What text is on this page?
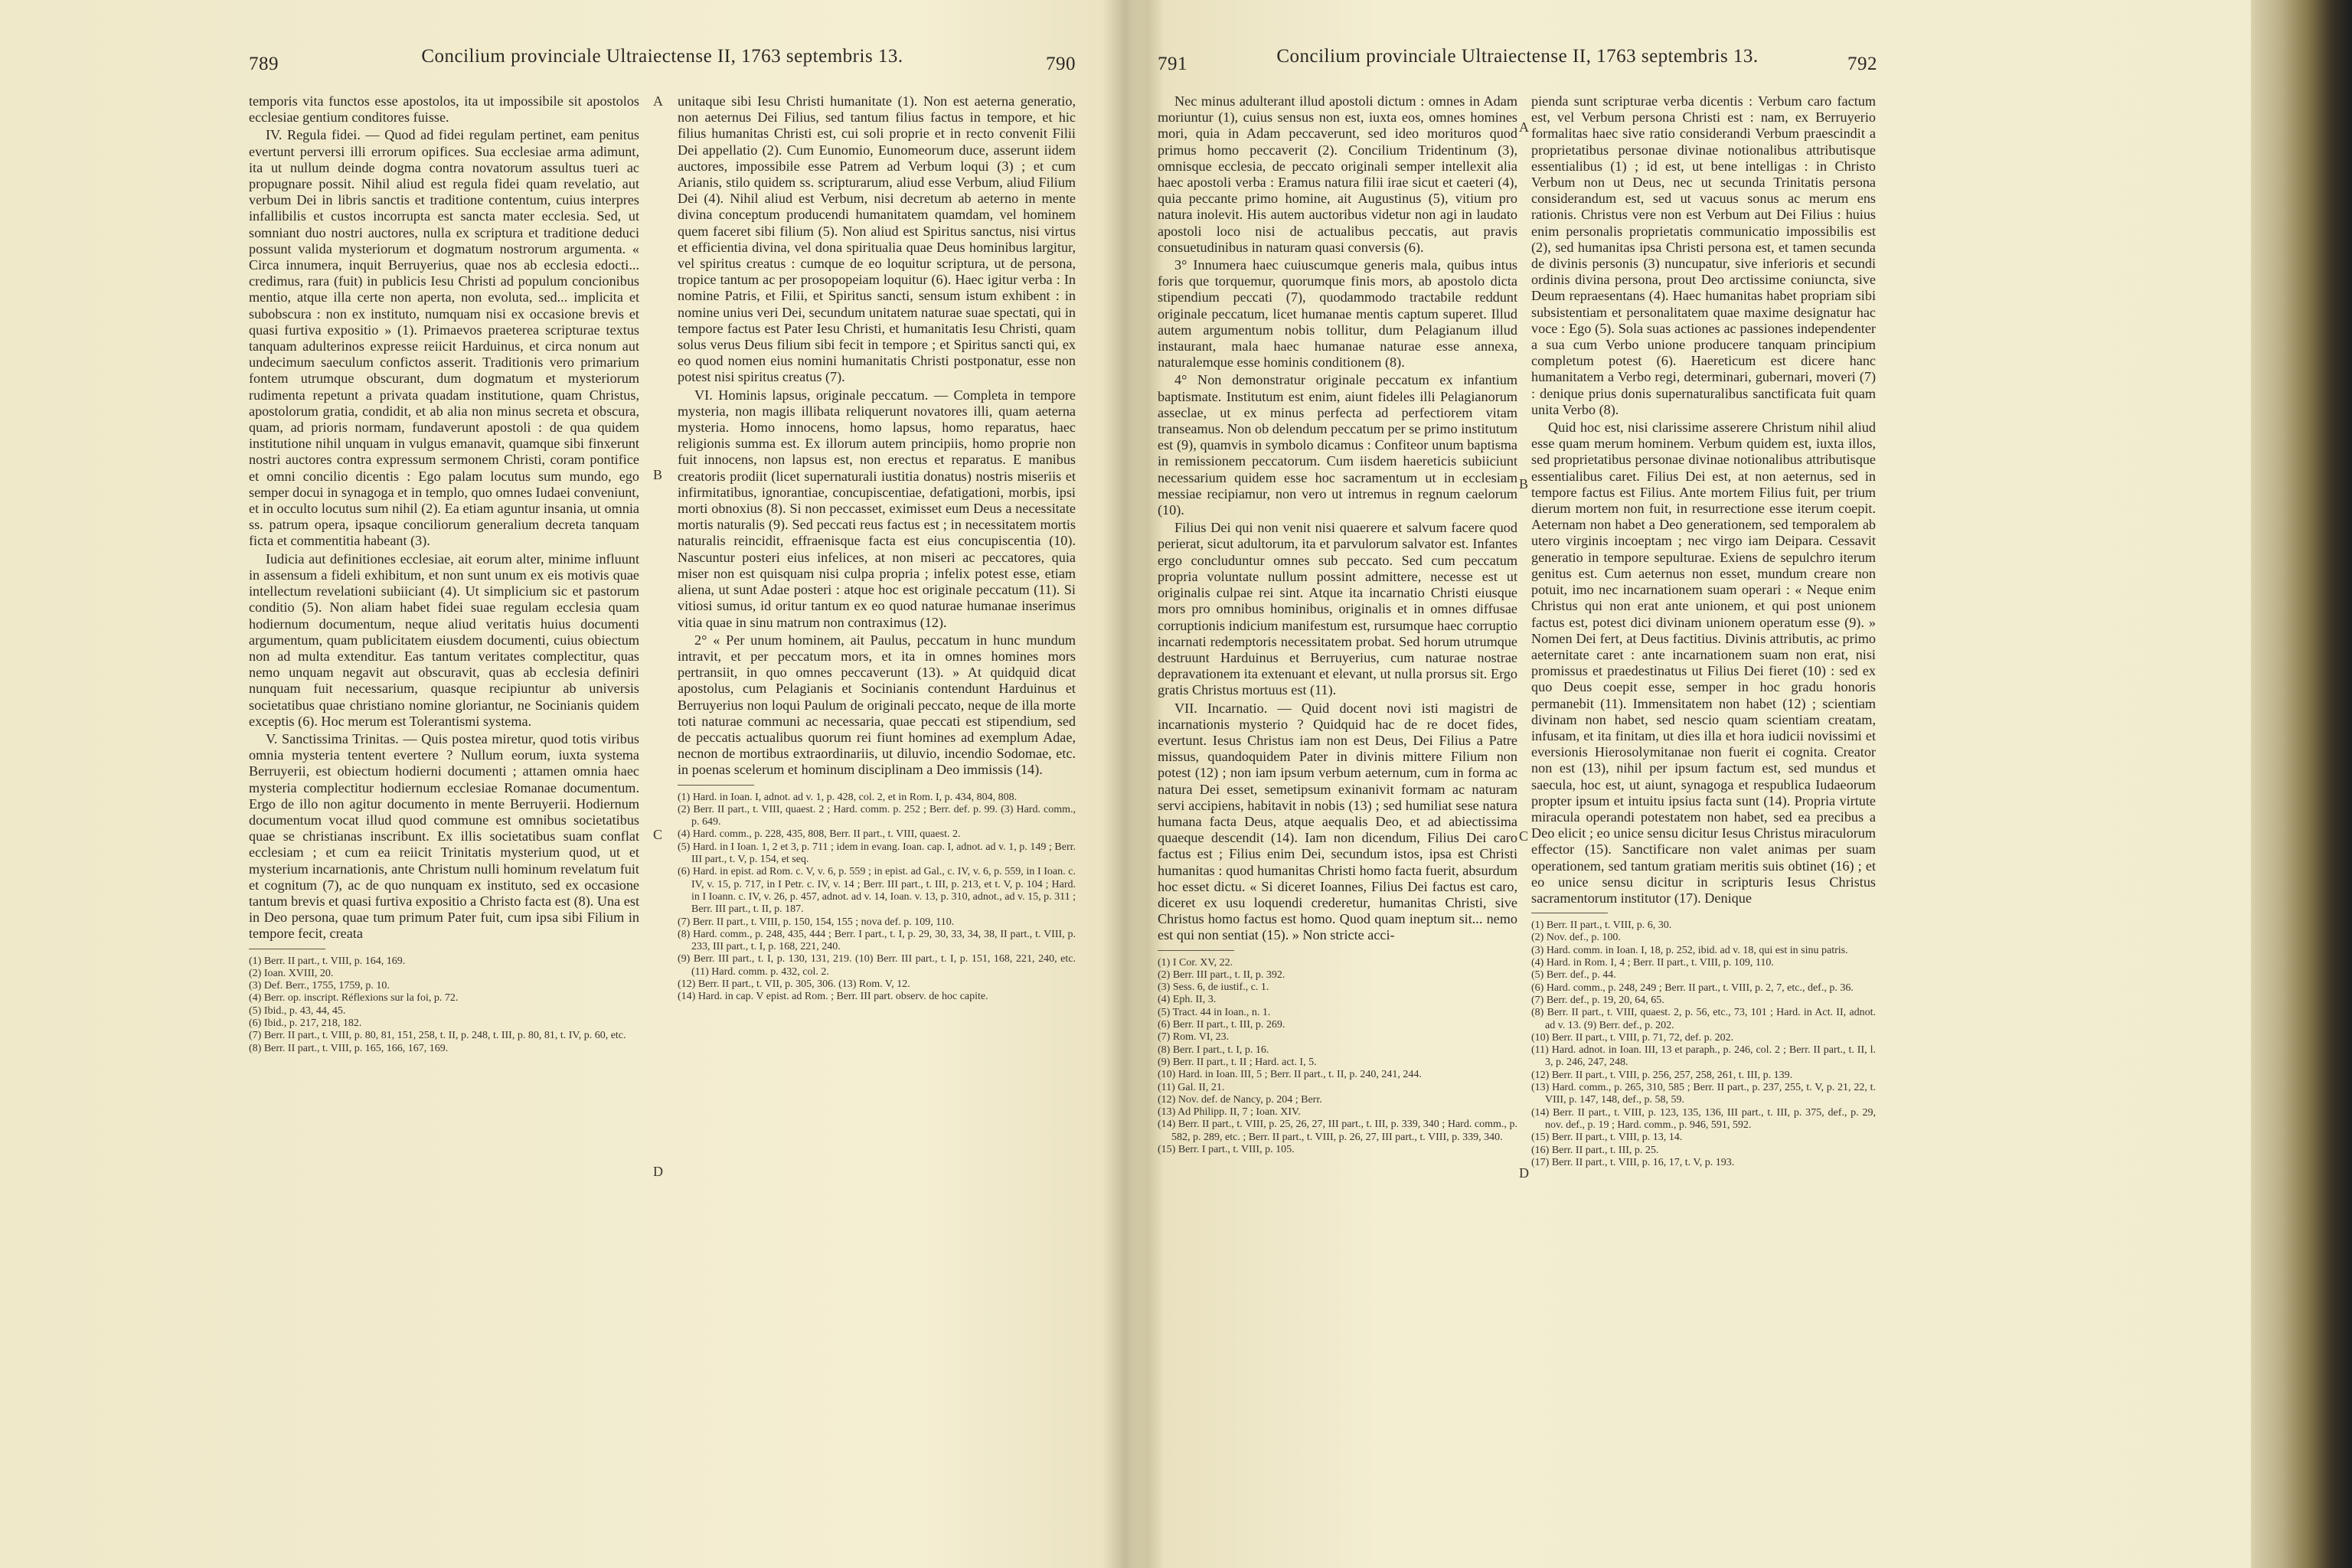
789	Concilium provinciale Ultraiectense II, 1763 septembris 13.	790

temporis vita functos esse apostolos, ita ut impossibile sit apostolos ecclesiae gentium conditores fuisse.

IV. Regula fidei. — Quod ad fidei regulam pertinet, eam penitus evertunt perversi illi errorum opifices. Sua ecclesiae arma adimunt, ita ut nullum deinde dogma contra novatorum assultus tueri ac propugnare possit. Nihil aliud est regula fidei quam revelatio, aut verbum Dei in libris sanctis et traditione contentum, cuius interpres infallibilis et custos incorrupta est sancta mater ecclesia. Sed, ut somniant duo nostri auctores, nulla ex scriptura et traditione deduci possunt valida mysteriorum et dogmatum nostrorum argumenta. « Circa innumera, inquit Berruyerius, quae nos ab ecclesia edocti... credimus, rara (fuit) in publicis Iesu Christi ad populum concionibus mentio, atque illa certe non aperta, non evoluta, sed... implicita et subobscura : non ex instituto, numquam nisi ex occasione brevis et quasi furtiva expositio » (1). Primaevos praeterea scripturae textus tanquam adulterinos expresse reiicit Harduinus, et circa nonum aut undecimum saeculum confictos asserit. Traditionis vero primarium fontem utrumque obscurant, dum dogmatum et mysteriorum rudimenta repetunt a privata quadam institutione, quam Christus, apostolorum gratia, condidit, et ab alia non minus secreta et obscura, quam, ad prioris normam, fundaverunt apostoli : de qua quidem institutione nihil unquam in vulgus emanavit, quamque sibi finxerunt nostri auctores contra expressum sermonem Christi, coram pontifice et omni concilio dicentis : Ego palam locutus sum mundo, ego semper docui in synagoga et in templo, quo omnes Iudaei conveniunt, et in occulto locutus sum nihil (2). Ea etiam aguntur insania, ut omnia ss. patrum opera, ipsaque conciliorum generalium decreta tanquam ficta et commentitia habeant (3).

Iudicia aut definitiones ecclesiae, ait eorum alter, minime influunt in assensum a fideli exhibitum, et non sunt unum ex eis motivis quae intellectum revelationi subiiciant (4). Ut simplicium sic et pastorum conditio (5). Non aliam habet fidei suae regulam ecclesia quam hodiernum documentum, neque aliud veritatis huius documenti argumentum, quam publicitatem eiusdem documenti, cuius obiectum non ad multa extenditur. Eas tantum veritates complectitur, quas nemo unquam negavit aut obscuravit, quas ab ecclesia definiri nunquam fuit necessarium, quasque recipiuntur ab universis societatibus quae christiano nomine gloriantur, ne Socinianis quidem exceptis (6). Hoc merum est Tolerantismi systema.

V. Sanctissima Trinitas. — Quis postea miretur, quod totis viribus omnia mysteria tentent evertere ? Nullum eorum, iuxta systema Berruyerii, est obiectum hodierni documenti ; attamen omnia haec mysteria complectitur hodiernum ecclesiae Romanae documentum. Ergo de illo non agitur documento in mente Berruyerii. Hodiernum documentum vocat illud quod commune est omnibus societatibus quae se christianas inscribunt. Ex illis societatibus suam conflat ecclesiam ; et cum ea reiicit Trinitatis mysterium quod, ut et mysterium incarnationis, ante Christum nulli hominum revelatum fuit et cognitum (7), ac de quo nunquam ex instituto, sed ex occasione tantum brevis et quasi furtiva expositio a Christo facta est (8). Una est in Deo persona, quae tum primum Pater fuit, cum ipsa sibi Filium in tempore fecit, creata

(1) Berr. II part., t. VIII, p. 164, 169.
(2) Ioan. XVIII, 20.
(3) Def. Berr., 1755, 1759, p. 10.
(4) Berr. op. inscript. Réflexions sur la foi, p. 72.
(5) Ibid., p. 43, 44, 45.
(6) Ibid., p. 217, 218, 182.
(7) Berr. II part., t. VIII, p. 80, 81, 151, 258, t. II, p. 248, t. III, p. 80, 81, t. IV, p. 60, etc.
(8) Berr. II part., t. VIII, p. 165, 166, 167, 169.
A
B
C
D

unitaque sibi Iesu Christi humanitate (1). Non est aeterna generatio, non aeternus Dei Filius, sed tantum filius factus in tempore, et hic filius humanitas Christi est, cui soli proprie et in recto convenit Filii Dei appellatio (2). Cum Eunomio, Eunomeorum duce, asserunt iidem auctores, impossibile esse Patrem ad Verbum loqui (3) ; et cum Arianis, stilo quidem ss. scripturarum, aliud esse Verbum, aliud Filium Dei (4). Nihil aliud est Verbum, nisi decretum ab aeterno in mente divina conceptum producendi humanitatem quamdam, vel hominem quem faceret sibi filium (5). Non aliud est Spiritus sanctus, nisi virtus et efficientia divina, vel dona spiritualia quae Deus hominibus largitur, vel spiritus creatus : cumque de eo loquitur scriptura, ut de persona, tropice tantum ac per prosopopeiam loquitur (6). Haec igitur verba : In nomine Patris, et Filii, et Spiritus sancti, sensum istum exhibent : in nomine unius veri Dei, secundum unitatem naturae suae spectati, qui in tempore factus est Pater Iesu Christi, et humanitatis Iesu Christi, quam solus verus Deus filium sibi fecit in tempore ; et Spiritus sancti qui, ex eo quod nomen eius nomini humanitatis Christi postponatur, esse non potest nisi spiritus creatus (7).

VI. Hominis lapsus, originale peccatum. — Completa in tempore mysteria, non magis illibata reliquerunt novatores illi, quam aeterna mysteria. Homo innocens, homo lapsus, homo reparatus, haec religionis summa est. Ex illorum autem principiis, homo proprie non fuit innocens, non lapsus est, non erectus et reparatus. E manibus creatoris prodiit (licet supernaturali iustitia donatus) nostris miseriis et infirmitatibus, ignorantiae, concupiscentiae, defatigationi, morbis, ipsi morti obnoxius (8). Si non peccasset, eximisset eum Deus a necessitate mortis naturalis (9). Sed peccati reus factus est ; in necessitatem mortis naturalis reincidit, effraenisque facta est eius concupiscentia (10). Nascuntur posteri eius infelices, at non miseri ac peccatores, quia miser non est quisquam nisi culpa propria ; infelix potest esse, etiam aliena, ut sunt Adae posteri : atque hoc est originale peccatum (11). Si vitiosi sumus, id oritur tantum ex eo quod naturae humanae inserimus vitia quae in sinu matrum non contraximus (12).

2° « Per unum hominem, ait Paulus, peccatum in hunc mundum intravit, et per peccatum mors, et ita in omnes homines mors pertransiit, in quo omnes peccaverunt (13). » At quidquid dicat apostolus, cum Pelagianis et Socinianis contendunt Harduinus et Berruyerius non loqui Paulum de originali peccato, neque de illa morte toti naturae communi ac necessaria, quae peccati est stipendium, sed de peccatis actualibus quorum rei fiunt homines ad exemplum Adae, necnon de mortibus extraordinariis, ut diluvio, incendio Sodomae, etc. in poenas scelerum et hominum disciplinam a Deo immissis (14).

(1) Hard. in Ioan. I, adnot. ad v. 1, p. 428, col. 2, et in Rom. I, p. 434, 804, 808.
(2) Berr. II part., t. VIII, quaest. 2 ; Hard. comm. p. 252 ; Berr. def. p. 99. (3) Hard. comm., p. 649.
(4) Hard. comm., p. 228, 435, 808, Berr. II part., t. VIII, quaest. 2.
(5) Hard. in I Ioan. 1, 2 et 3, p. 711 ; idem in evang. Ioan. cap. I, adnot. ad v. 1, p. 149 ; Berr. III part., t. V, p. 154, et seq.
(6) Hard. in epist. ad Rom. c. V, v. 6, p. 559 ; in epist. ad Gal., c. IV, v. 6, p. 559, in I Ioan. c. IV, v. 15, p. 717, in I Petr. c. IV, v. 14 ; Berr. III part., t. III, p. 213, et t. V, p. 104 ; Hard. in I Ioann. c. IV, v. 26, p. 457, adnot. ad v. 14, Ioan. v. 13, p. 310, adnot., ad v. 15, p. 311 ; Berr. III part., t. II, p. 187.
(7) Berr. II part., t. VIII, p. 150, 154, 155 ; nova def. p. 109, 110.
(8) Hard. comm., p. 248, 435, 444 ; Berr. I part., t. I, p. 29, 30, 33, 34, 38, II part., t. VIII, p. 233, III part., t. I, p. 168, 221, 240.
(9) Berr. III part., t. I, p. 130, 131, 219. (10) Berr. III part., t. I, p. 151, 168, 221, 240, etc. (11) Hard. comm. p. 432, col. 2.
(12) Berr. II part., t. VII, p. 305, 306. (13) Rom. V, 12.
(14) Hard. in cap. V epist. ad Rom. ; Berr. III part. observ. de hoc capite.
791	Concilium provinciale Ultraiectense II, 1763 septembris 13.	792

Nec minus adulterant illud apostoli dictum : omnes in Adam moriuntur (1), cuius sensus non est, iuxta eos, omnes homines mori, quia in Adam peccaverunt, sed ideo morituros quod primus homo peccaverit (2). Concilium Tridentinum (3), omnisque ecclesia, de peccato originali semper intellexit alia haec apostoli verba : Eramus natura filii irae sicut et caeteri (4), quia peccante primo homine, ait Augustinus (5), vitium pro natura inolevit. His autem auctoribus videtur non agi in laudato apostoli loco nisi de actualibus peccatis, aut pravis consuetudinibus in naturam quasi conversis (6).

3° Innumera haec cuiuscumque generis mala, quibus intus foris que torquemur, quorumque finis mors, ab apostolo dicta stipendium peccati (7), quodammodo tractabile reddunt originale peccatum, licet humanae mentis captum superet. Illud autem argumentum nobis tollitur, dum Pelagianum illud instaurant, mala haec humanae naturae esse annexa, naturalemque esse hominis conditionem (8).

4° Non demonstratur originale peccatum ex infantium baptismate. Institutum est enim, aiunt fideles illi Pelagianorum asseclae, ut ex minus perfecta ad perfectiorem vitam transeamus. Non ob delendum peccatum per se primo institutum est (9), quamvis in symbolo dicamus : Confiteor unum baptisma in remissionem peccatorum. Cum iisdem haereticis subiiciunt necessarium quidem esse hoc sacramentum ut in ecclesiam messiae recipiamur, non vero ut intremus in regnum caelorum (10).

Filius Dei qui non venit nisi quaerere et salvum facere quod perierat, sicut adultorum, ita et parvulorum salvator est. Infantes ergo concluduntur omnes sub peccato. Sed cum peccatum propria voluntate nullum possint admittere, necesse est ut originalis culpae rei sint. Atque ita incarnatio Christi eiusque mors pro omnibus hominibus, originalis et in omnes diffusae corruptionis indicium manifestum est, rursumque haec corruptio incarnati redemptoris necessitatem probat. Sed horum utrumque destruunt Harduinus et Berruyerius, cum naturae nostrae depravationem ita extenuant et elevant, ut nulla prorsus sit. Ergo gratis Christus mortuus est (11).

VII. Incarnatio. — Quid docent novi isti magistri de incarnationis mysterio ? Quidquid hac de re docet fides, evertunt. Iesus Christus iam non est Deus, Dei Filius a Patre missus, quandoquidem Pater in divinis mittere Filium non potest (12) ; non iam ipsum verbum aeternum, cum in forma ac natura Dei esset, semetipsum exinanivit formam ac naturam servi accipiens, habitavit in nobis (13) ; sed humiliat sese natura humana facta Deus, atque aequalis Deo, et ad abiectissima quaeque descendit (14). Iam non dicendum, Filius Dei caro factus est ; Filius enim Dei, secundum istos, ipsa est Christi humanitas : quod humanitas Christi homo facta fuerit, absurdum hoc esset dictu. « Si diceret Ioannes, Filius Dei factus est caro, diceret ex usu loquendi crederetur, humanitas Christi, sive Christus homo factus est homo. Quod quam ineptum sit... nemo est qui non sentiat (15). » Non stricte acci-

(1) I Cor. XV, 22.
(2) Berr. III part., t. II, p. 392.
(3) Sess. 6, de iustif., c. 1.
(4) Eph. II, 3.
(5) Tract. 44 in Ioan., n. 1.
(6) Berr. II part., t. III, p. 269.
(7) Rom. VI, 23.
(8) Berr. I part., t. I, p. 16.
(9) Berr. II part., t. II ; Hard. act. I, 5.
(10) Hard. in Ioan. III, 5 ; Berr. II part., t. II, p. 240, 241, 244.
(11) Gal. II, 21.
(12) Nov. def. de Nancy, p. 204 ; Berr.
(13) Ad Philipp. II, 7 ; Ioan. XIV.
(14) Berr. II part., t. VIII, p. 25, 26, 27, III part., t. III, p. 339, 340 ; Hard. comm., p. 582, p. 289, etc. ; Berr. II part., t. VIII, p. 26, 27, III part., t. VIII, p. 339, 340.
(15) Berr. I part., t. VIII, p. 105.
A
B
C
D

pienda sunt scripturae verba dicentis : Verbum caro factum est, vel Verbum persona Christi est : nam, ex Berruyerio formalitas haec sive ratio considerandi Verbum praescindit a proprietatibus personae divinae notionalibus attributisque essentialibus (1) ; id est, ut bene intelligas : in Christo Verbum non ut Deus, nec ut secunda Trinitatis persona considerandum est, sed ut vacuus sonus ac merum ens rationis. Christus vere non est Verbum aut Dei Filius : huius enim personalis proprietatis communicatio impossibilis est (2), sed humanitas ipsa Christi persona est, et tamen secunda de divinis personis (3) nuncupatur, sive inferioris et secundi ordinis divina persona, prout Deo arctissime coniuncta, sive Deum repraesentans (4). Haec humanitas habet propriam sibi subsistentiam et personalitatem quae maxime designatur hac voce : Ego (5). Sola suas actiones ac passiones independenter a sua cum Verbo unione producere tanquam principium completum potest (6). Haereticum est dicere hanc humanitatem a Verbo regi, determinari, gubernari, moveri (7) : denique prius donis supernaturalibus sanctificata fuit quam unita Verbo (8).

Quid hoc est, nisi clarissime asserere Christum nihil aliud esse quam merum hominem. Verbum quidem est, iuxta illos, sed proprietatibus personae divinae notionalibus attributisque essentialibus caret. Filius Dei est, at non aeternus, sed in tempore factus est Filius. Ante mortem Filius fuit, per trium dierum mortem non fuit, in resurrectione esse iterum coepit. Aeternam non habet a Deo generationem, sed temporalem ab utero virginis incoeptam ; nec virgo iam Deipara. Cessavit generatio in tempore sepulturae. Exiens de sepulchro iterum genitus est. Cum aeternus non esset, mundum creare non potuit, imo nec incarnationem suam operari : « Neque enim Christus qui non erat ante unionem, et qui post unionem factus est, potest dici divinam unionem operatum esse (9). » Nomen Dei fert, at Deus factitius. Divinis attributis, ac primo aeternitate caret : ante incarnationem suam non erat, nisi promissus et praedestinatus ut Filius Dei fieret (10) : sed ex quo Deus coepit esse, semper in hoc gradu honoris permanebit (11). Immensitatem non habet (12) ; scientiam divinam non habet, sed nescio quam scientiam creatam, infusam, et ita finitam, ut dies illa et hora iudicii novissimi et eversionis Hierosolymitanae non fuerit ei cognita. Creator non est (13), nihil per ipsum factum est, sed mundus et saecula, hoc est, ut aiunt, synagoga et respublica Iudaeorum propter ipsum et intuitu ipsius facta sunt (14). Propria virtute miracula operandi potestatem non habet, sed ea precibus a Deo elicit ; eo unice sensu dicitur Iesus Christus miraculorum effector (15). Sanctificare non valet animas per suam operationem, sed tantum gratiam meritis suis obtinet (16) ; et eo unice sensu dicitur in scripturis Iesus Christus sacramentorum institutor (17). Denique

(1) Berr. II part., t. VIII, p. 6, 30.
(2) Nov. def., p. 100.
(3) Hard. comm. in Ioan. I, 18, p. 252, ibid. ad v. 18, qui est in sinu patris.
(4) Hard. in Rom. I, 4 ; Berr. II part., t. VIII, p. 109, 110.
(5) Berr. def., p. 44.
(6) Hard. comm., p. 248, 249 ; Berr. II part., t. VIII, p. 2, 7, etc., def., p. 36.
(7) Berr. def., p. 19, 20, 64, 65.
(8) Berr. II part., t. VIII, quaest. 2, p. 56, etc., 73, 101 ; Hard. in Act. II, adnot. ad v. 13. (9) Berr. def., p. 202.
(10) Berr. II part., t. VIII, p. 71, 72, def. p. 202.
(11) Hard. adnot. in Ioan. III, 13 et paraph., p. 246, col. 2 ; Berr. II part., t. II, l. 3, p. 246, 247, 248.
(12) Berr. II part., t. VIII, p. 256, 257, 258, 261, t. III, p. 139.
(13) Hard. comm., p. 265, 310, 585 ; Berr. II part., p. 237, 255, t. V, p. 21, 22, t. VIII, p. 147, 148, def., p. 58, 59.
(14) Berr. II part., t. VIII, p. 123, 135, 136, III part., t. III, p. 375, def., p. 29, nov. def., p. 19 ; Hard. comm., p. 946, 591, 592.
(15) Berr. II part., t. VIII, p. 13, 14.
(16) Berr. II part., t. III, p. 25.
(17) Berr. II part., t. VIII, p. 16, 17, t. V, p. 193.
